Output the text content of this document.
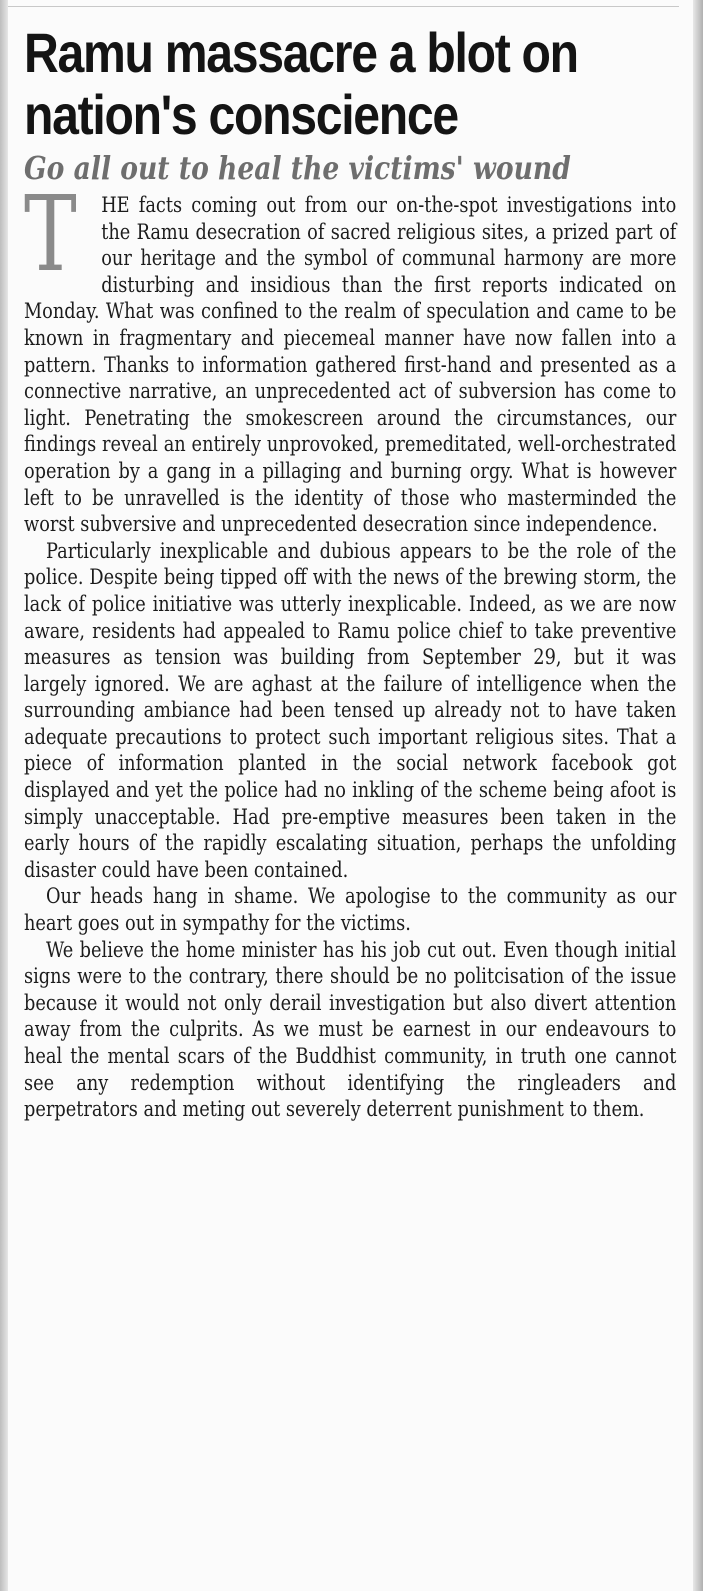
Ramu massacre a blot on nation's conscience
Go all out to heal the victims' wound

T HE facts coming out from our on-the-spot investigations into the Ramu desecration of sacred religious sites, a prized part of our heritage and the symbol of communal harmony are more disturbing and insidious than the first reports indicated on Monday. What was confined to the realm of speculation and came to be known in fragmentary and piecemeal manner have now fallen into a pattern. Thanks to information gathered first-hand and presented as a connective narrative, an unprecedented act of subversion has come to light. Penetrating the smokescreen around the circumstances, our findings reveal an entirely unprovoked, premeditated, well-orchestrated operation by a gang in a pillaging and burning orgy. What is however left to be unravelled is the identity of those who masterminded the worst subversive and unprecedented desecration since independence.

Particularly inexplicable and dubious appears to be the role of the police. Despite being tipped off with the news of the brewing storm, the lack of police initiative was utterly inexplicable. Indeed, as we are now aware, residents had appealed to Ramu police chief to take preventive measures as tension was building from September 29, but it was largely ignored. We are aghast at the failure of intelligence when the surrounding ambiance had been tensed up already not to have taken adequate precautions to protect such important religious sites. That a piece of information planted in the social network facebook got displayed and yet the police had no inkling of the scheme being afoot is simply unacceptable. Had pre-emptive measures been taken in the early hours of the rapidly escalating situation, perhaps the unfolding disaster could have been contained.

Our heads hang in shame. We apologise to the community as our heart goes out in sympathy for the victims.

We believe the home minister has his job cut out. Even though initial signs were to the contrary, there should be no politcisation of the issue because it would not only derail investigation but also divert attention away from the culprits. As we must be earnest in our endeavours to heal the mental scars of the Buddhist community, in truth one cannot see any redemption without identifying the ringleaders and perpetrators and meting out severely deterrent punishment to them.
